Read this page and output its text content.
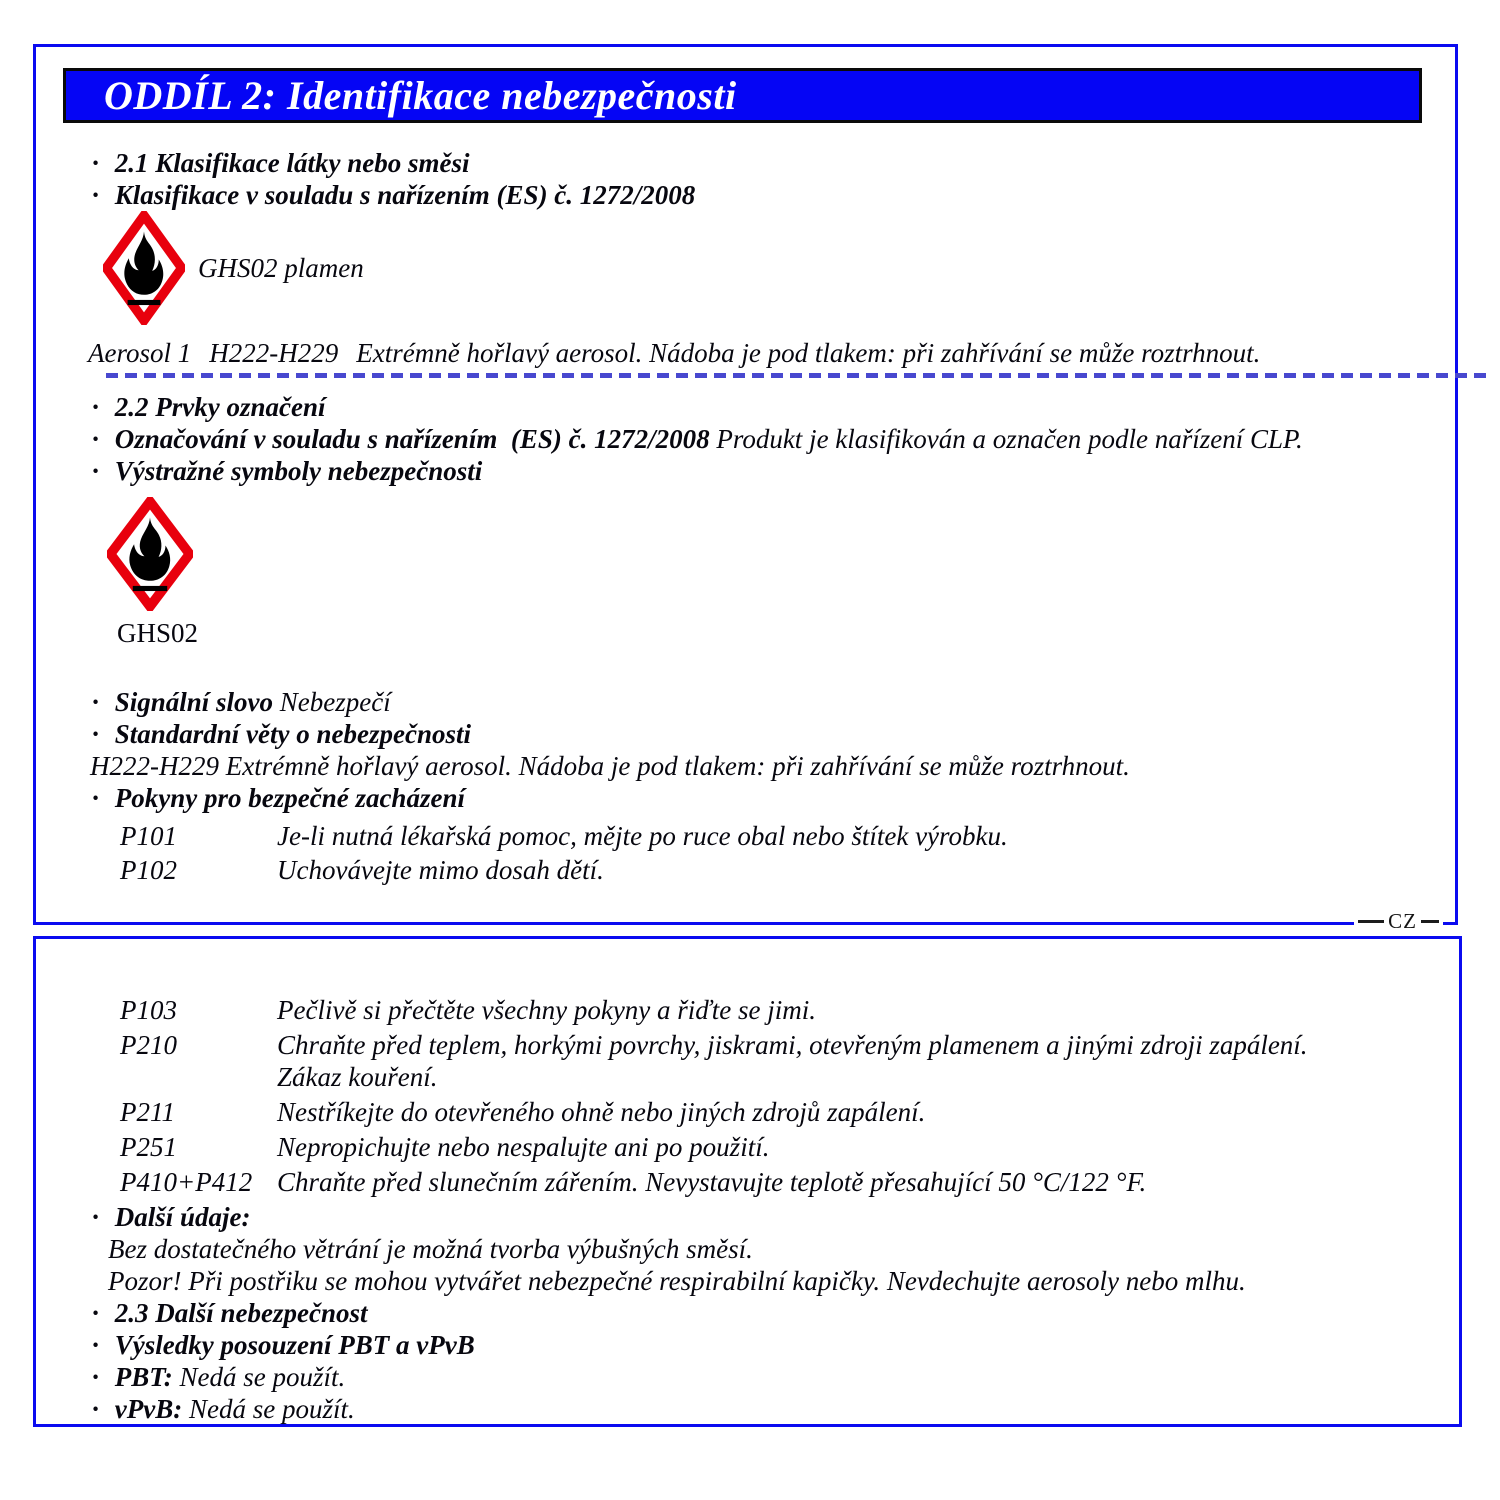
ODDÍL 2: Identifikace nebezpečnosti
· 2.1 Klasifikace látky nebo směsi
· Klasifikace v souladu s nařízením (ES) č. 1272/2008
GHS02 plamen
Aerosol 1 H222-H229 Extrémně hořlavý aerosol. Nádoba je pod tlakem: při zahřívání se může roztrhnout.
· 2.2 Prvky označení
· Označování v souladu s nařízením  (ES) č. 1272/2008 Produkt je klasifikován a označen podle nařízení CLP.
· Výstražné symboly nebezpečnosti
GHS02
· Signální slovo Nebezpečí
· Standardní věty o nebezpečnosti
H222-H229 Extrémně hořlavý aerosol. Nádoba je pod tlakem: při zahřívání se může roztrhnout.
· Pokyny pro bezpečné zacházení
P101	Je-li nutná lékařská pomoc, mějte po ruce obal nebo štítek výrobku.
P102	Uchovávejte mimo dosah dětí.
CZ
P103	Pečlivě si přečtěte všechny pokyny a řiďte se jimi.
P210	Chraňte před teplem, horkými povrchy, jiskrami, otevřeným plamenem a jinými zdroji zapálení.
Zákaz kouření.
P211	Nestříkejte do otevřeného ohně nebo jiných zdrojů zapálení.
P251	Nepropichujte nebo nespalujte ani po použití.
P410+P412 Chraňte před slunečním zářením. Nevystavujte teplotě přesahující 50 °C/122 °F.
· Další údaje:
Bez dostatečného větrání je možná tvorba výbušných směsí.
Pozor! Při postřiku se mohou vytvářet nebezpečné respirabilní kapičky. Nevdechujte aerosoly nebo mlhu.
· 2.3 Další nebezpečnost
· Výsledky posouzení PBT a vPvB
· PBT: Nedá se použít.
· vPvB: Nedá se použít.
